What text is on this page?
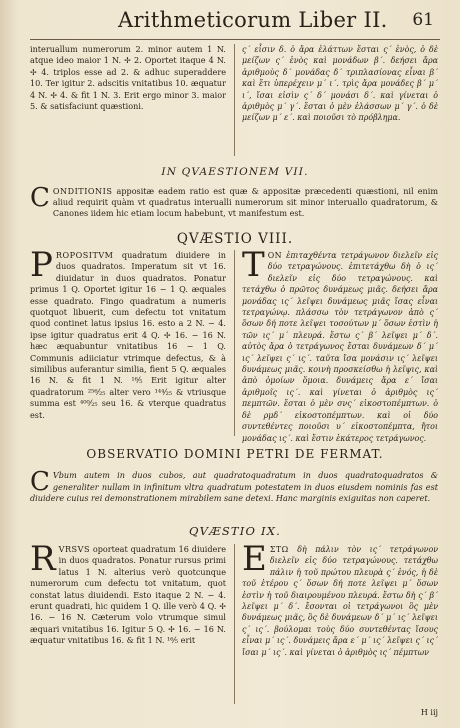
Arithmeticorum Liber II. 61

interuallum numerorum 2. minor autem 1 N. atque ideo maior 1 N. ✢ 2. Oportet itaque 4 N. ✢ 4. triplos esse ad 2. & adhuc superaddere 10. Ter igitur 2. adscitis vnitatibus 10. æquatur 4 N. ✢ 4. & fit 1 N. 3. Erit ergo minor 3. maior 5. & satisfaciunt quæstioni.

ς΄ εἶσιν δ. ὁ ἄρα ἐλάττων ἔσται ς΄ ἑνὸς, ὁ δὲ μείζων ς΄ ἑνὸς καὶ μονάδων β΄. δεήσει ἄρα ἀριθμοὺς δ΄ μονάδας δ΄ τριπλασίονας εἶναι β΄ καὶ ἔτι ὑπερέχειν μ΄ ι΄. τρὶς ἄρα μονάδες β΄ μ΄ ι΄, ἴσαι εἰσὶν ς΄ δ΄ μονάσι δ΄. καὶ γίνεται ὁ ἀριθμὸς μ΄ γ΄. ἔσται ὁ μὲν ἐλάσσων μ΄ γ΄. ὁ δὲ μείζων μ΄ ε΄. καὶ ποιοῦσι τὸ πρόβλημα.

IN QVAESTIONEM VII.
CONDITIONIS appositæ eadem ratio est quæ & appositæ præcedenti quæstioni, nil enim aliud requirit quàm vt quadratus interualli numerorum sit minor interuallo quadratorum, & Canones iidem hic etiam locum habebunt, vt manifestum est.
QVÆSTIO VIII.
PROPOSITVM quadratum diuidere in duos quadratos. Imperatum sit vt 16. diuidatur in duos quadratos. Ponatur primus 1 Q. Oportet igitur 16 − 1 Q. æquales esse quadrato. Fingo quadratum a numeris quotquot libuerit, cum defectu tot vnitatum quod continet latus ipsius 16. esto a 2 N. − 4. ipse igitur quadratus erit 4 Q. ✢ 16. − 16 N. hæc æquabuntur vnitatibus 16 − 1 Q. Communis adiiciatur vtrimque defectus, & à similibus auferantur similia, fient 5 Q. æquales 16 N. & fit 1 N. ¹⁶⁄₅ Erit igitur alter quadratorum ²⁵⁶⁄₂₅ alter vero ¹⁴⁴⁄₂₅ & vtriusque summa est ⁴⁰⁰⁄₂₅ seu 16. & vterque quadratus est.
ΤΟΝ ἐπιταχθέντα τετράγωνον διελεῖν εἰς δύο τετραγώνους. ἐπιτετάχθω δὴ ὁ ις΄ διελεῖν εἰς δύο τετραγώνους. καὶ τετάχθω ὁ πρῶτος δυνάμεως μιᾶς. δεήσει ἄρα μονάδας ις΄ λεῖψει δυνάμεως μιᾶς ἴσας εἶναι τετραγώνῳ. πλάσσω τὸν τετράγωνον ἀπὸ ς΄ ὅσων δή ποτε λεῖψει τοσούτων μ΄ ὅσων ἐστὶν ἡ τῶν ις΄ μ΄ πλευρά. ἔστω ς΄ β΄ λεῖψει μ΄ δ΄. αὐτὸς ἄρα ὁ τετράγωνος ἔσται δυνάμεων δ΄ μ΄ ις΄ λεῖψει ς΄ ις΄. ταῦτα ἴσα μονάσιν ις΄ λεῖψει δυνάμεως μιᾶς. κοινὴ προσκείσθω ἡ λεῖψις, καὶ ἀπὸ ὁμοίων ὅμοια. δυνάμεις ἄρα ε΄ ἴσαι ἀριθμοῖς ις΄. καὶ γίνεται ὁ ἀριθμὸς ις΄ πεμπτῶν. ἔσται ὁ μὲν σνς΄ εἰκοστοπέμπτων. ὁ δὲ ρμδ΄ εἰκοστοπέμπτων. καὶ οἱ δύο συντεθέντες ποιοῦσι υ΄ εἰκοστοπέμπτα, ἤτοι μονάδας ις΄. καὶ ἔστιν ἑκάτερος τετράγωνος.
OBSERVATIO DOMINI PETRI DE FERMAT.
C Vbum autem in duos cubos, aut quadratoquadratum in duos quadratoquadratos & generaliter nullam in infinitum vltra quadratum potestatem in duos eiusdem nominis fas est diuidere cuius rei demonstrationem mirabilem sane detexi. Hanc marginis exiguitas non caperet.
QVÆSTIO IX.
RVRSVS oporteat quadratum 16 diuidere in duos quadratos. Ponatur rursus primi latus 1 N. alterius verò quotcunque numerorum cum defectu tot vnitatum, quot constat latus diuidendi. Esto itaque 2 N. − 4. erunt quadrati, hic quidem 1 Q. ille verò 4 Q. ✢ 16. − 16 N. Cæterum volo vtrumque simul æquari vnitatibus 16. Igitur 5 Q. ✢ 16. − 16 N. æquatur vnitatibus 16. & fit 1 N. ¹⁶⁄₅ erit
ΕΣΤΩ δὴ πάλιν τὸν ις΄ τετράγωνον διελεῖν εἰς δύο τετραγώνους. τετάχθω πάλιν ἡ τοῦ πρώτου πλευρὰ ς΄ ἑνός, ἡ δὲ τοῦ ἑτέρου ς΄ ὅσων δή ποτε λεῖψει μ΄ ὅσων ἐστὶν ἡ τοῦ διαιρουμένου πλευρά. ἔστω δὴ ς΄ β΄ λεῖψει μ΄ δ΄. ἔσονται οἱ τετράγωνοι ὃς μὲν δυνάμεως μιᾶς, ὃς δὲ δυνάμεων δ΄ μ΄ ις΄ λεῖψει ς΄ ις΄. βούλομαι τοὺς δύο συντεθέντας ἴσους εἶναι μ΄ ις΄. δυνάμεις ἄρα ε΄ μ΄ ις΄ λεῖψει ς΄ ις΄ ἴσαι μ΄ ις΄. καὶ γίνεται ὁ ἀριθμὸς ις΄ πέμπτων
H iij
